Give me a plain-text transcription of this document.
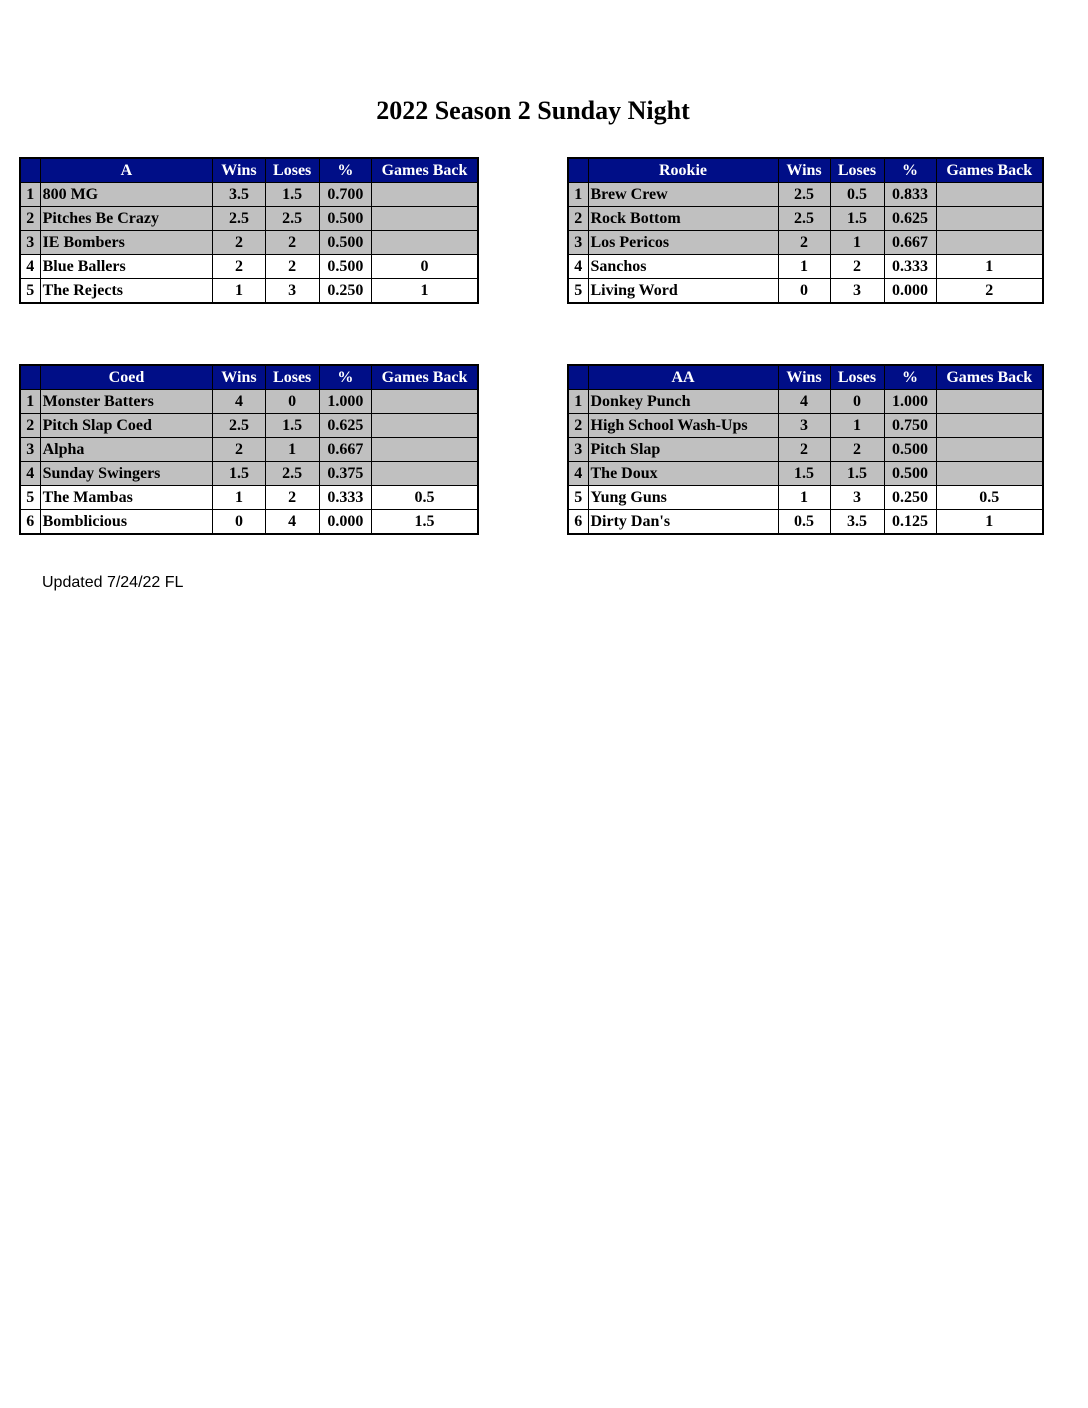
2022 Season 2 Sunday Night
	A	Wins	Loses	%	Games Back
1	800 MG	3.5	1.5	0.700	
2	Pitches Be Crazy	2.5	2.5	0.500	
3	IE Bombers	2	2	0.500	
4	Blue Ballers	2	2	0.500	0
5	The Rejects	1	3	0.250	1
	Rookie	Wins	Loses	%	Games Back
1	Brew Crew	2.5	0.5	0.833	
2	Rock Bottom	2.5	1.5	0.625	
3	Los Pericos	2	1	0.667	
4	Sanchos	1	2	0.333	1
5	Living Word	0	3	0.000	2
	Coed	Wins	Loses	%	Games Back
1	Monster Batters	4	0	1.000	
2	Pitch Slap Coed	2.5	1.5	0.625	
3	Alpha	2	1	0.667	
4	Sunday Swingers	1.5	2.5	0.375	
5	The Mambas	1	2	0.333	0.5
6	Bomblicious	0	4	0.000	1.5
	AA	Wins	Loses	%	Games Back
1	Donkey Punch	4	0	1.000	
2	High School Wash-Ups	3	1	0.750	
3	Pitch Slap	2	2	0.500	
4	The Doux	1.5	1.5	0.500	
5	Yung Guns	1	3	0.250	0.5
6	Dirty Dan's	0.5	3.5	0.125	1

Updated 7/24/22 FL
